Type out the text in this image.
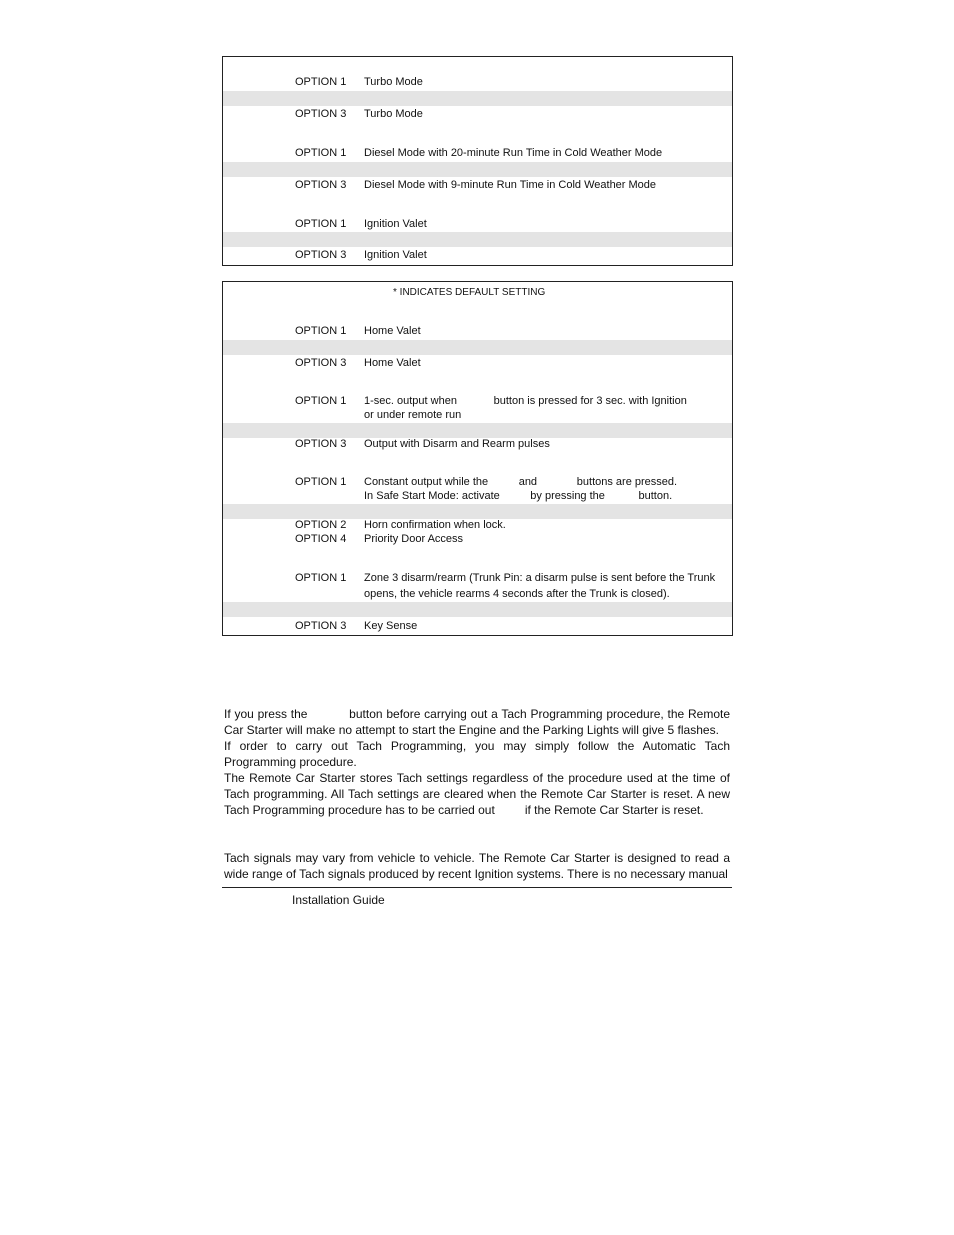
OPTION 1 Turbo Mode
OPTION 3 Turbo Mode
OPTION 1 Diesel Mode with 20-minute Run Time in Cold Weather Mode
OPTION 3 Diesel Mode with 9-minute Run Time in Cold Weather Mode
OPTION 1 Ignition Valet
OPTION 3 Ignition Valet
* INDICATES DEFAULT SETTING
OPTION 1 Home Valet
OPTION 3 Home Valet
OPTION 1 1-sec. output when            button is pressed for 3 sec. with Ignition
or under remote run
OPTION 3 Output with Disarm and Rearm pulses
OPTION 1 Constant output while the          and             buttons are pressed.
In Safe Start Mode: activate          by pressing the           button.
OPTION 2 Horn confirmation when lock.
OPTION 4 Priority Door Access
OPTION 1 Zone 3 disarm/rearm (Trunk Pin: a disarm pulse is sent before the Trunk
opens, the vehicle rearms 4 seconds after the Trunk is closed).
OPTION 3 Key Sense

If you press the           button before carrying out a Tach Programming procedure, the Remote Car Starter will make no attempt to start the Engine and the Parking Lights will give 5 flashes.

If order to carry out Tach Programming, you may simply follow the Automatic Tach Programming procedure.

The Remote Car Starter stores Tach settings regardless of the procedure used at the time of Tach programming. All Tach settings are cleared when the Remote Car Starter is reset. A new Tach Programming procedure has to be carried out         if the Remote Car Starter is reset.

Tach signals may vary from vehicle to vehicle. The Remote Car Starter is designed to read a wide range of Tach signals produced by recent Ignition systems. There is no necessary manual

Installation Guide
